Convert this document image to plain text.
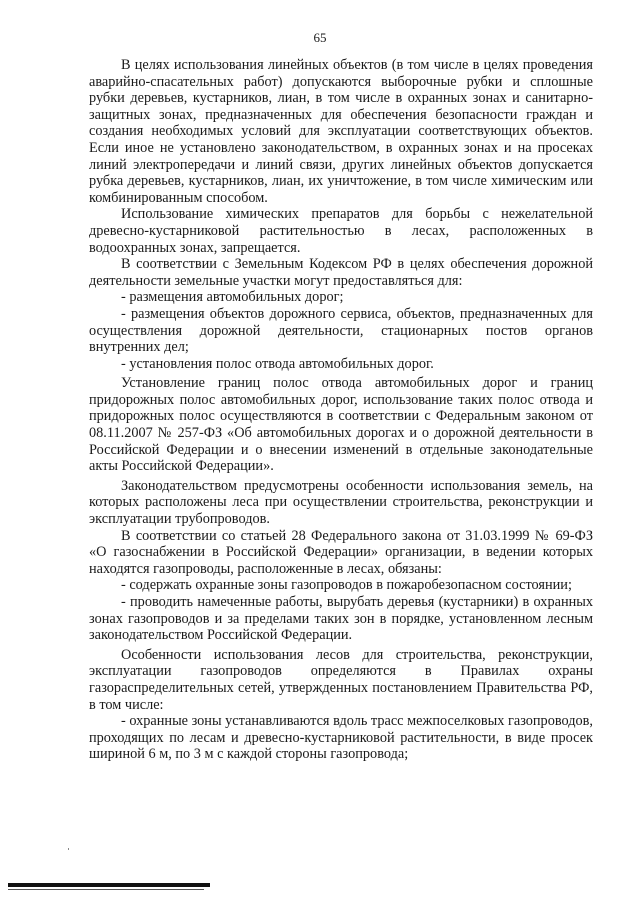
65

В целях использования линейных объектов (в том числе в целях проведения аварийно-спасательных работ) допускаются выборочные рубки и сплошные рубки деревьев, кустарников, лиан, в том числе в охранных зонах и санитарно-защитных зонах, предназначенных для обеспечения безопасности граждан и создания необходимых условий для эксплуатации соответствующих объектов. Если иное не установлено законодательством, в охранных зонах и на просеках линий электропередачи и линий связи, других линейных объектов допускается рубка деревьев, кустарников, лиан, их уничтожение, в том числе химическим или комбинированным способом.

Использование химических препаратов для борьбы с нежелательной древесно-кустарниковой растительностью в лесах, расположенных в водоохранных зонах, запрещается.

В соответствии с Земельным Кодексом РФ в целях обеспечения дорожной деятельности земельные участки могут предоставляться для:

- размещения автомобильных дорог;

- размещения объектов дорожного сервиса, объектов, предназначенных для осуществления дорожной деятельности, стационарных постов органов внутренних дел;

- установления полос отвода автомобильных дорог.

Установление границ полос отвода автомобильных дорог и границ придорожных полос автомобильных дорог, использование таких полос отвода и придорожных полос осуществляются в соответствии с Федеральным законом от 08.11.2007 № 257-ФЗ «Об автомобильных дорогах и о дорожной деятельности в Российской Федерации и о внесении изменений в отдельные законодательные акты Российской Федерации».

Законодательством предусмотрены особенности использования земель, на которых расположены леса при осуществлении строительства, реконструкции и эксплуатации трубопроводов.

В соответствии со статьей 28 Федерального закона от 31.03.1999 № 69-ФЗ «О газоснабжении в Российской Федерации» организации, в ведении которых находятся газопроводы, расположенные в лесах, обязаны:

- содержать охранные зоны газопроводов в пожаробезопасном состоянии;

- проводить намеченные работы, вырубать деревья (кустарники) в охранных зонах газопроводов и за пределами таких зон в порядке, установленном лесным законодательством Российской Федерации.

Особенности использования лесов для строительства, реконструкции, эксплуатации газопроводов определяются в Правилах охраны газораспределительных сетей, утвержденных постановлением Правительства РФ, в том числе:

- охранные зоны устанавливаются вдоль трасс межпоселковых газопроводов, проходящих по лесам и древесно-кустарниковой растительности, в виде просек шириной 6 м, по 3 м с каждой стороны газопровода;
